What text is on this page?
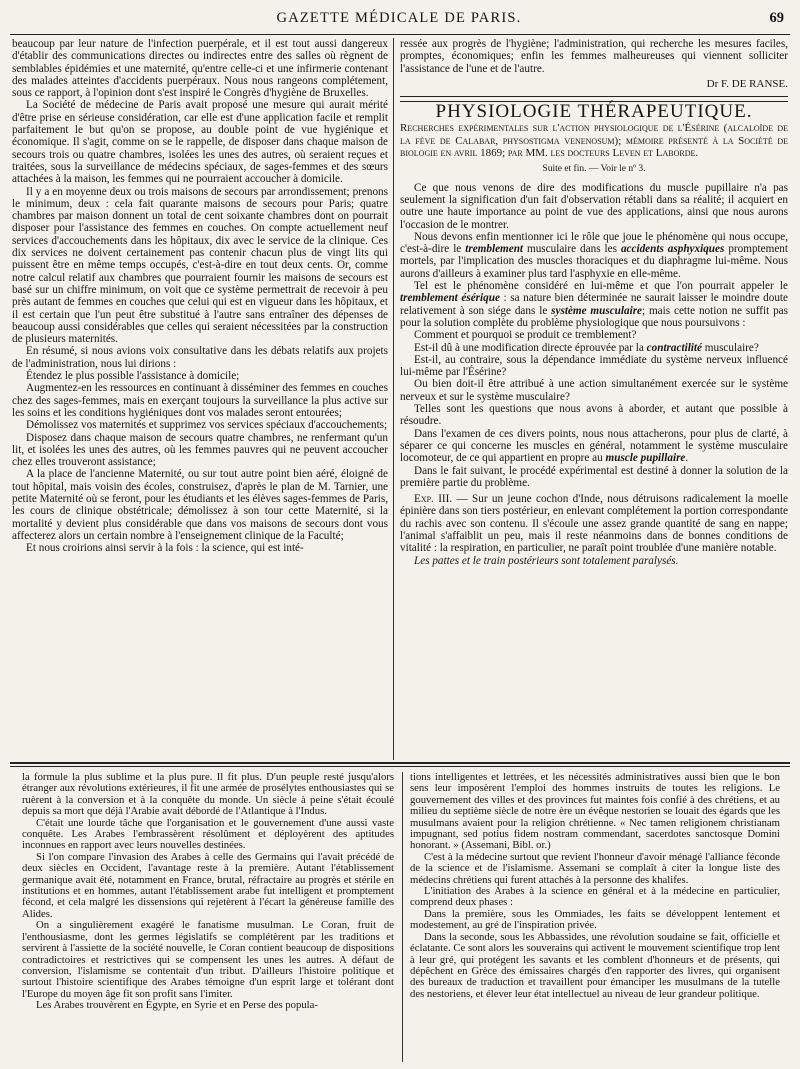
GAZETTE MÉDICALE DE PARIS.	69

beaucoup par leur nature de l'infection puerpérale, et il est tout aussi dangereux d'établir des communications directes ou indirectes entre des salles où règnent de semblables épidémies et une maternité, qu'entre celle-ci et une infirmerie contenant des malades atteintes d'accidents puerpéraux. Nous nous rangeons complétement, sous ce rapport, à l'opinion dont s'est inspiré le Congrès d'hygiène de Bruxelles.

La Société de médecine de Paris avait proposé une mesure qui aurait mérité d'être prise en sérieuse considération, car elle est d'une application facile et remplit parfaitement le but qu'on se propose, au double point de vue hygiénique et économique. Il s'agit, comme on se le rappelle, de disposer dans chaque maison de secours trois ou quatre chambres, isolées les unes des autres, où seraient reçues et traitées, sous la surveillance de médecins spéciaux, de sages-femmes et des sœurs attachées à la maison, les femmes qui ne pourraient accoucher à domicile.

Il y a en moyenne deux ou trois maisons de secours par arrondissement; prenons le minimum, deux : cela fait quarante maisons de secours pour Paris; quatre chambres par maison donnent un total de cent soixante chambres dont on pourrait disposer pour l'assistance des femmes en couches. On compte actuellement neuf services d'accouchements dans les hôpitaux, dix avec le service de la clinique. Ces dix services ne doivent certainement pas contenir chacun plus de vingt lits qui puissent être en même temps occupés, c'est-à-dire en tout deux cents. Or, comme notre calcul relatif aux chambres que pourraient fournir les maisons de secours est basé sur un chiffre minimum, on voit que ce système permettrait de recevoir à peu près autant de femmes en couches que celui qui est en vigueur dans les hôpitaux, et il est certain que l'un peut être substitué à l'autre sans entraîner des dépenses de beaucoup aussi considérables que celles qui seraient nécessitées par la construction de plusieurs maternités.

En résumé, si nous avions voix consultative dans les débats relatifs aux projets de l'administration, nous lui dirions :

Étendez le plus possible l'assistance à domicile;

Augmentez-en les ressources en continuant à disséminer des femmes en couches chez des sages-femmes, mais en exerçant toujours la surveillance la plus active sur les soins et les conditions hygiéniques dont vos malades seront entourées;

Démolissez vos maternités et supprimez vos services spéciaux d'accouchements;

Disposez dans chaque maison de secours quatre chambres, ne renfermant qu'un lit, et isolées les unes des autres, où les femmes pauvres qui ne peuvent accoucher chez elles trouveront assistance;

A la place de l'ancienne Maternité, ou sur tout autre point bien aéré, éloigné de tout hôpital, mais voisin des écoles, construisez, d'après le plan de M. Tarnier, une petite Maternité où se feront, pour les étudiants et les élèves sages-femmes de Paris, les cours de clinique obstétricale; démolissez à son tour cette Maternité, si la mortalité y devient plus considérable que dans vos maisons de secours dont vous affecterez alors un certain nombre à l'enseignement clinique de la Faculté;

Et nous croirions ainsi servir à la fois : la science, qui est inté-

ressée aux progrès de l'hygiène; l'administration, qui recherche les mesures faciles, promptes, économiques; enfin les femmes malheureuses qui viennent solliciter l'assistance de l'une et de l'autre.

Dr F. DE RANSE.

PHYSIOLOGIE THÉRAPEUTIQUE.

Recherches expérimentales sur l'action physiologique de l'Ésérine (alcaloïde de la fève de Calabar, physostigma venenosum); mémoire présenté à la Société de biologie en avril 1869; par MM. les docteurs Leven et Laborde.

Suite et fin. — Voir le nº 3.

Ce que nous venons de dire des modifications du muscle pupillaire n'a pas seulement la signification d'un fait d'observation rétabli dans sa réalité; il acquiert en outre une haute importance au point de vue des applications, ainsi que nous aurons l'occasion de le montrer.

Nous devons enfin mentionner ici le rôle que joue le phénomène qui nous occupe, c'est-à-dire le tremblement musculaire dans les accidents asphyxiques promptement mortels, par l'implication des muscles thoraciques et du diaphragme lui-même. Nous aurons d'ailleurs à examiner plus tard l'asphyxie en elle-même.

Tel est le phénomène considéré en lui-même et que l'on pourrait appeler le tremblement ésérique : sa nature bien déterminée ne saurait laisser le moindre doute relativement à son siége dans le système musculaire; mais cette notion ne suffit pas pour la solution complète du problème physiologique que nous poursuivons :

Comment et pourquoi se produit ce tremblement?

Est-il dû à une modification directe éprouvée par la contractilité musculaire?

Est-il, au contraire, sous la dépendance immédiate du système nerveux influencé lui-même par l'Ésérine?

Ou bien doit-il être attribué à une action simultanément exercée sur le système nerveux et sur le système musculaire?

Telles sont les questions que nous avons à aborder, et autant que possible à résoudre.

Dans l'examen de ces divers points, nous nous attacherons, pour plus de clarté, à séparer ce qui concerne les muscles en général, notamment le système musculaire locomoteur, de ce qui appartient en propre au muscle pupillaire.

Dans le fait suivant, le procédé expérimental est destiné à donner la solution de la première partie du problème.

Exp. III. — Sur un jeune cochon d'Inde, nous détruisons radicalement la moelle épinière dans son tiers postérieur, en enlevant complétement la portion correspondante du rachis avec son contenu. Il s'écoule une assez grande quantité de sang en nappe; l'animal s'affaiblit un peu, mais il reste néanmoins dans de bonnes conditions de vitalité : la respiration, en particulier, ne paraît point troublée d'une manière notable.

Les pattes et le train postérieurs sont totalement paralysés.

la formule la plus sublime et la plus pure. Il fit plus. D'un peuple resté jusqu'alors étranger aux révolutions extérieures, il fit une armée de prosélytes enthousiastes qui se ruèrent à la conversion et à la conquête du monde. Un siècle à peine s'était écoulé depuis sa mort que déjà l'Arabie avait débordé de l'Atlantique à l'Indus.

C'était une lourde tâche que l'organisation et le gouvernement d'une aussi vaste conquête. Les Arabes l'embrassèrent résolûment et déployèrent des aptitudes inconnues en rapport avec leurs nouvelles destinées.

Si l'on compare l'invasion des Arabes à celle des Germains qui l'avait précédé de deux siècles en Occident, l'avantage reste à la première. Autant l'établissement germanique avait été, notamment en France, brutal, réfractaire au progrès et stérile en institutions et en hommes, autant l'établissement arabe fut intelligent et promptement fécond, et cela malgré les dissensions qui rejetèrent à l'écart la généreuse famille des Alides.

On a singulièrement exagéré le fanatisme musulman. Le Coran, fruit de l'enthousiasme, dont les germes législatifs se complétèrent par les traditions et servirent à l'assiette de la société nouvelle, le Coran contient beaucoup de dispositions contradictoires et restrictives qui se compensent les unes les autres. A défaut de conversion, l'islamisme se contentait d'un tribut. D'ailleurs l'histoire politique et surtout l'histoire scientifique des Arabes témoigne d'un esprit large et tolérant dont l'Europe du moyen âge fit son profit sans l'imiter.

Les Arabes trouvèrent en Égypte, en Syrie et en Perse des popula-

tions intelligentes et lettrées, et les nécessités administratives aussi bien que le bon sens leur imposèrent l'emploi des hommes instruits de toutes les religions. Le gouvernement des villes et des provinces fut maintes fois confié à des chrétiens, et au milieu du septième siècle de notre ère un évêque nestorien se louait des égards que les musulmans avaient pour la religion chrétienne. « Nec tamen religionem christianam impugnant, sed potius fidem nostram commendant, sacerdotes sanctosque Domini honorant. » (Assemani, Bibl. or.)

C'est à la médecine surtout que revient l'honneur d'avoir ménagé l'alliance féconde de la science et de l'islamisme. Assemani se complaît à citer la longue liste des médecins chrétiens qui furent attachés à la personne des khalifes.

L'initiation des Arabes à la science en général et à la médecine en particulier, comprend deux phases :

Dans la première, sous les Ommiades, les faits se développent lentement et modestement, au gré de l'inspiration privée.

Dans la seconde, sous les Abbassides, une révolution soudaine se fait, officielle et éclatante. Ce sont alors les souverains qui activent le mouvement scientifique trop lent à leur gré, qui protégent les savants et les comblent d'honneurs et de présents, qui dépêchent en Grèce des émissaires chargés d'en rapporter des livres, qui organisent des bureaux de traduction et travaillent pour émanciper les musulmans de la tutelle des nestoriens, et élever leur état intellectuel au niveau de leur grandeur politique.
